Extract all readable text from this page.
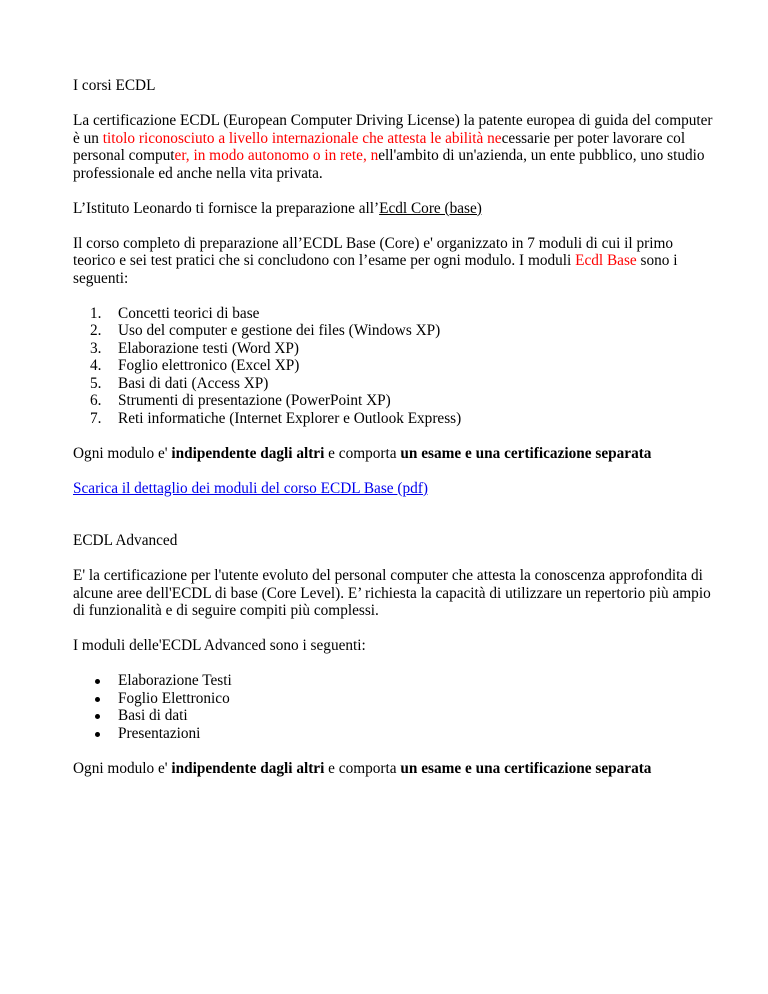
I corsi ECDL

La certificazione ECDL (European Computer Driving License) la patente europea di guida del computer è un titolo riconosciuto a livello internazionale che attesta le abilità necessarie per poter lavorare col personal computer, in modo autonomo o in rete, nell'ambito di un'azienda, un ente pubblico, uno studio professionale ed anche nella vita privata.

L’Istituto Leonardo ti fornisce la preparazione all’Ecdl Core (base)

Il corso completo di preparazione all’ECDL Base (Core) e' organizzato in 7 moduli di cui il primo teorico e sei test pratici che si concludono con l’esame per ogni modulo. I moduli Ecdl Base sono i seguenti:

1. Concetti teorici di base
2. Uso del computer e gestione dei files (Windows XP)
3. Elaborazione testi (Word XP)
4. Foglio elettronico (Excel XP)
5. Basi di dati (Access XP)
6. Strumenti di presentazione (PowerPoint XP)
7. Reti informatiche (Internet Explorer e Outlook Express)

Ogni modulo e' indipendente dagli altri e comporta un esame e una certificazione separata

Scarica il dettaglio dei moduli del corso ECDL Base (pdf)

ECDL Advanced

E' la certificazione per l'utente evoluto del personal computer che attesta la conoscenza approfondita di alcune aree dell'ECDL di base (Core Level). E’ richiesta la capacità di utilizzare un repertorio più ampio di funzionalità e di seguire compiti più complessi.

I moduli delle'ECDL Advanced sono i seguenti:

Elaborazione Testi
Foglio Elettronico
Basi di dati
Presentazioni

Ogni modulo e' indipendente dagli altri e comporta un esame e una certificazione separata
